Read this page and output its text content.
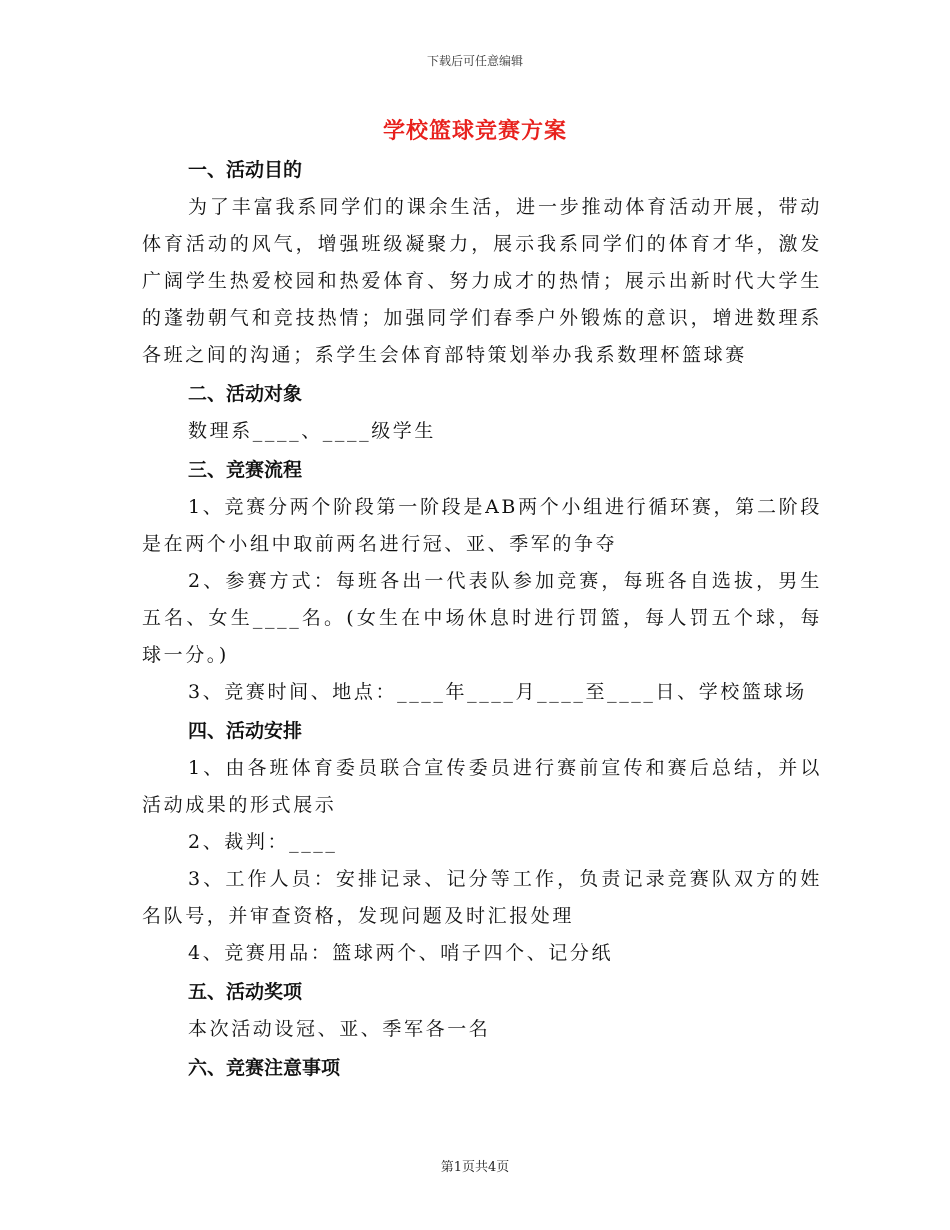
下载后可任意编辑
学校篮球竞赛方案
一、活动目的
为了丰富我系同学们的课余生活，进一步推动体育活动开展，带动体育活动的风气，增强班级凝聚力，展示我系同学们的体育才华，激发广阔学生热爱校园和热爱体育、努力成才的热情；展示出新时代大学生的蓬勃朝气和竞技热情；加强同学们春季户外锻炼的意识，增进数理系各班之间的沟通；系学生会体育部特策划举办我系数理杯篮球赛
二、活动对象
数理系____、____级学生
三、竞赛流程
1、竞赛分两个阶段第一阶段是AB两个小组进行循环赛，第二阶段是在两个小组中取前两名进行冠、亚、季军的争夺
2、参赛方式：每班各出一代表队参加竞赛，每班各自选拔，男生五名、女生____名。(女生在中场休息时进行罚篮，每人罚五个球，每球一分。)
3、竞赛时间、地点：____年____月____至____日、学校篮球场
四、活动安排
1、由各班体育委员联合宣传委员进行赛前宣传和赛后总结，并以活动成果的形式展示
2、裁判：____
3、工作人员：安排记录、记分等工作，负责记录竞赛队双方的姓名队号，并审查资格，发现问题及时汇报处理
4、竞赛用品：篮球两个、哨子四个、记分纸
五、活动奖项
本次活动设冠、亚、季军各一名
六、竞赛注意事项
第1页共4页
